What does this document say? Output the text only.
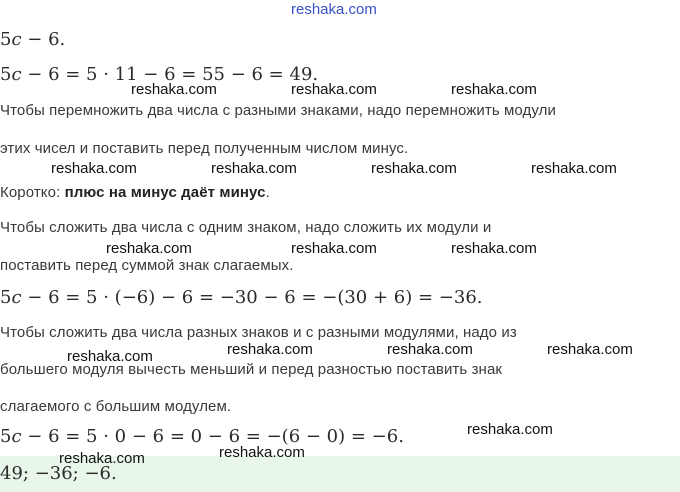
reshaka.com
5c − 6.
5c − 6 = 5 · 11 − 6 = 55 − 6 = 49.
reshaka.com	reshaka.com	reshaka.com
Чтобы перемножить два числа с разными знаками, надо перемножить модули
этих чисел и поставить перед полученным числом минус.
reshaka.com	reshaka.com	reshaka.com	reshaka.com
Коротко: плюс на минус даёт минус.
Чтобы сложить два числа с одним знаком, надо сложить их модули и
reshaka.com	reshaka.com	reshaka.com
поставить перед суммой знак слагаемых.
5c − 6 = 5 · (−6) − 6 = −30 − 6 = −(30 + 6) = −36.
Чтобы сложить два числа разных знаков и с разными модулями, надо из
reshaka.com	reshaka.com	reshaka.com
reshaka.com
большего модуля вычесть меньший и перед разностью поставить знак
слагаемого с большим модулем.
5c − 6 = 5 · 0 − 6 = 0 − 6 = −(6 − 0) = −6.	reshaka.com
reshaka.com
reshaka.com
49; −36; −6.
